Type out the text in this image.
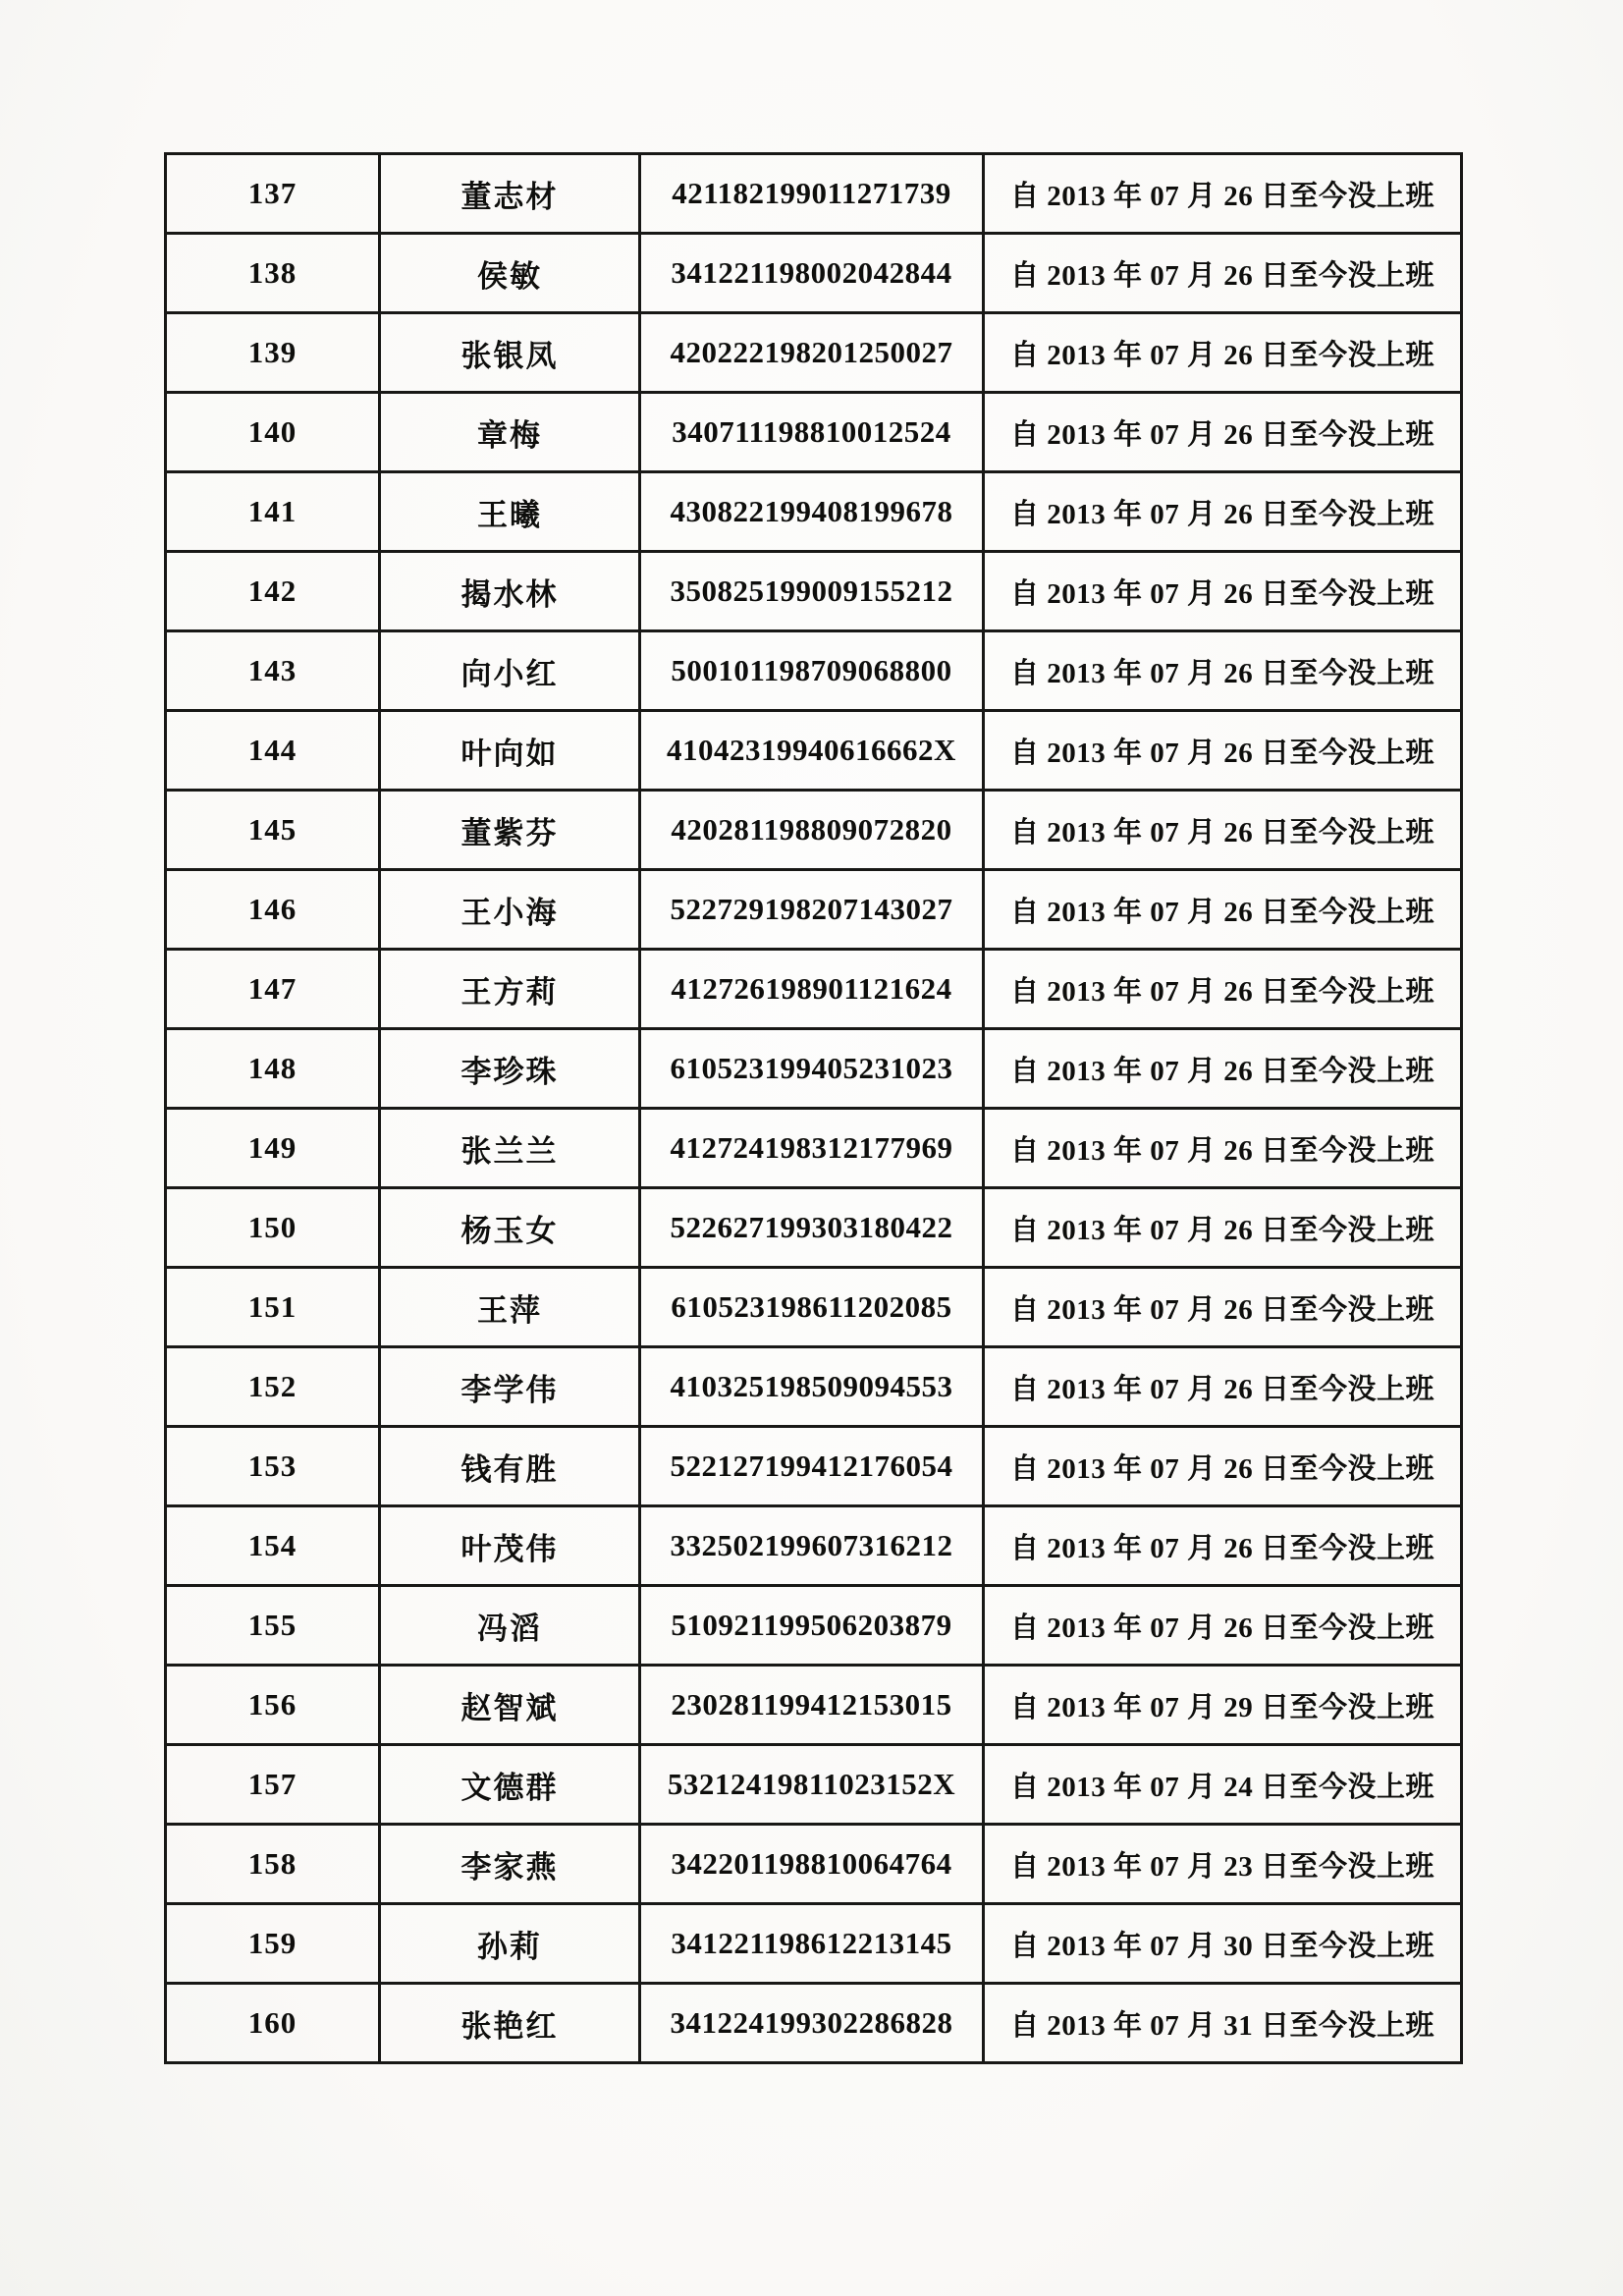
137	董志材	421182199011271739	自 2013 年 07 月 26 日至今没上班
138	侯敏	341221198002042844	自 2013 年 07 月 26 日至今没上班
139	张银凤	420222198201250027	自 2013 年 07 月 26 日至今没上班
140	章梅	340711198810012524	自 2013 年 07 月 26 日至今没上班
141	王曦	430822199408199678	自 2013 年 07 月 26 日至今没上班
142	揭水林	350825199009155212	自 2013 年 07 月 26 日至今没上班
143	向小红	500101198709068800	自 2013 年 07 月 26 日至今没上班
144	叶向如	41042319940616662X	自 2013 年 07 月 26 日至今没上班
145	董紫芬	420281198809072820	自 2013 年 07 月 26 日至今没上班
146	王小海	522729198207143027	自 2013 年 07 月 26 日至今没上班
147	王方莉	412726198901121624	自 2013 年 07 月 26 日至今没上班
148	李珍珠	610523199405231023	自 2013 年 07 月 26 日至今没上班
149	张兰兰	412724198312177969	自 2013 年 07 月 26 日至今没上班
150	杨玉女	522627199303180422	自 2013 年 07 月 26 日至今没上班
151	王萍	610523198611202085	自 2013 年 07 月 26 日至今没上班
152	李学伟	410325198509094553	自 2013 年 07 月 26 日至今没上班
153	钱有胜	522127199412176054	自 2013 年 07 月 26 日至今没上班
154	叶茂伟	332502199607316212	自 2013 年 07 月 26 日至今没上班
155	冯滔	510921199506203879	自 2013 年 07 月 26 日至今没上班
156	赵智斌	230281199412153015	自 2013 年 07 月 29 日至今没上班
157	文德群	53212419811023152X	自 2013 年 07 月 24 日至今没上班
158	李家燕	342201198810064764	自 2013 年 07 月 23 日至今没上班
159	孙莉	341221198612213145	自 2013 年 07 月 30 日至今没上班
160	张艳红	341224199302286828	自 2013 年 07 月 31 日至今没上班
